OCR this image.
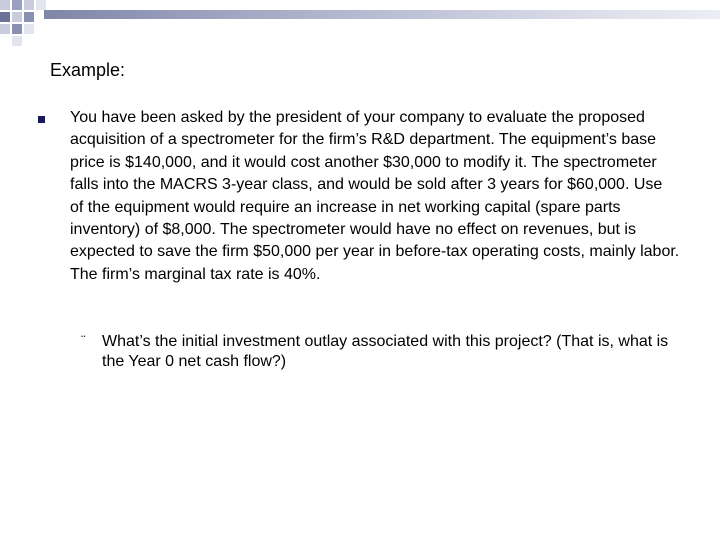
Example:

You have been asked by the president of your company to evaluate the proposed acquisition of a spectrometer for the firm’s R&D department. The equipment’s base price is $140,000, and it would cost another $30,000 to modify it. The spectrometer falls into the MACRS 3-year class, and would be sold after 3 years for $60,000. Use of the equipment would require an increase in net working capital (spare parts inventory) of $8,000. The spectrometer would have no effect on revenues, but is expected to save the firm $50,000 per year in before-tax operating costs, mainly labor. The firm’s marginal tax rate is 40%.

¨ What’s the initial investment outlay associated with this project? (That is, what is the Year 0 net cash flow?)
